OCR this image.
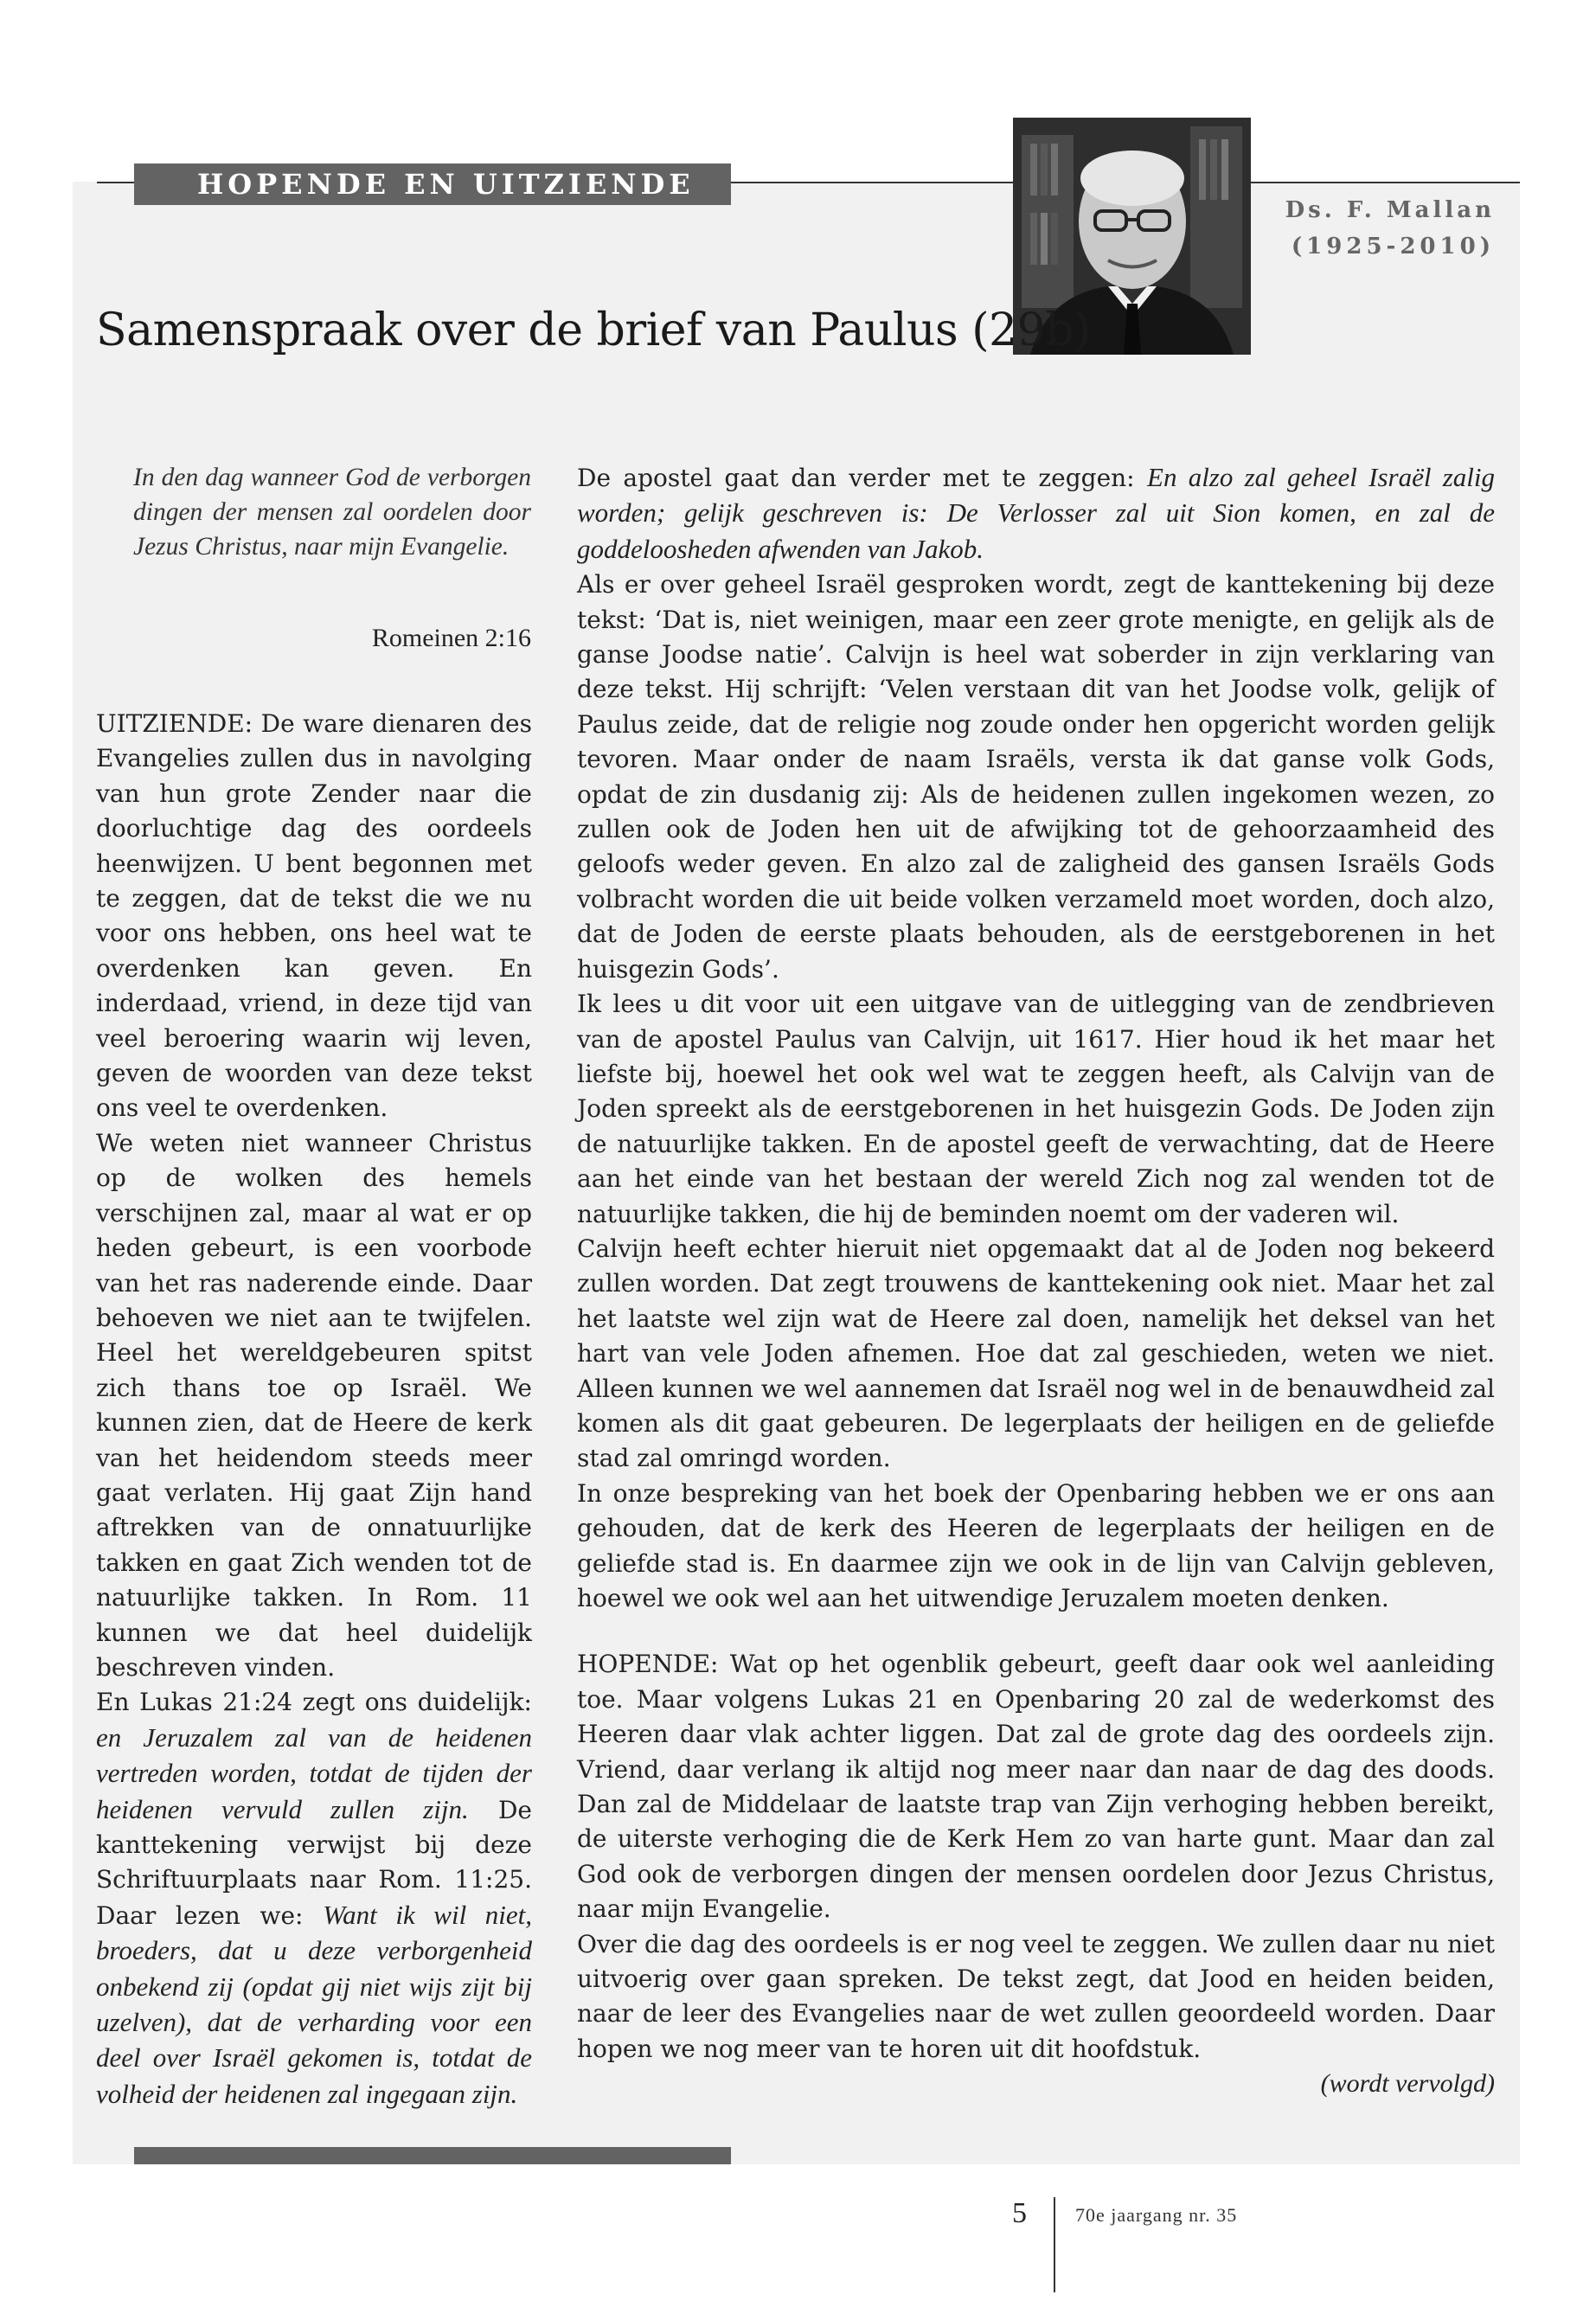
HOPENDE EN UITZIENDE
Ds. F. Mallan
(1925-2010)
Samenspraak over de brief van Paulus (29b)
In den dag wanneer God de verborgen dingen der mensen zal oordelen door Jezus Christus, naar mijn Evangelie.
Romeinen 2:16

UITZIENDE: De ware dienaren des Evangelies zullen dus in navolging van hun grote Zender naar die doorluchtige dag des oordeels heenwijzen. U bent begonnen met te zeggen, dat de tekst die we nu voor ons hebben, ons heel wat te overdenken kan geven. En inderdaad, vriend, in deze tijd van veel beroering waarin wij leven, geven de woorden van deze tekst ons veel te overdenken.

We weten niet wanneer Christus op de wolken des hemels verschijnen zal, maar al wat er op heden gebeurt, is een voorbode van het ras naderende einde. Daar behoeven we niet aan te twijfelen. Heel het wereldgebeuren spitst zich thans toe op Israël. We kunnen zien, dat de Heere de kerk van het heidendom steeds meer gaat verlaten. Hij gaat Zijn hand aftrekken van de onnatuurlijke takken en gaat Zich wenden tot de natuurlijke takken. In Rom. 11 kunnen we dat heel duidelijk beschreven vinden.

En Lukas 21:24 zegt ons duidelijk: en Jeruzalem zal van de heidenen vertreden worden, totdat de tijden der heidenen vervuld zullen zijn. De kanttekening verwijst bij deze Schriftuurplaats naar Rom. 11:25. Daar lezen we: Want ik wil niet, broeders, dat u deze verborgenheid onbekend zij (opdat gij niet wijs zijt bij uzelven), dat de verharding voor een deel over Israël gekomen is, totdat de volheid der heidenen zal ingegaan zijn.

De apostel gaat dan verder met te zeggen: En alzo zal geheel Israël zalig worden; gelijk geschreven is: De Verlosser zal uit Sion komen, en zal de goddeloosheden afwenden van Jakob.

Als er over geheel Israël gesproken wordt, zegt de kanttekening bij deze tekst: ‘Dat is, niet weinigen, maar een zeer grote menigte, en gelijk als de ganse Joodse natie’. Calvijn is heel wat soberder in zijn verklaring van deze tekst. Hij schrijft: ‘Velen verstaan dit van het Joodse volk, gelijk of Paulus zeide, dat de religie nog zoude onder hen opgericht worden gelijk tevoren. Maar onder de naam Israëls, versta ik dat ganse volk Gods, opdat de zin dusdanig zij: Als de heidenen zullen ingekomen wezen, zo zullen ook de Joden hen uit de afwijking tot de gehoorzaamheid des geloofs weder geven. En alzo zal de zaligheid des gansen Israëls Gods volbracht worden die uit beide volken verzameld moet worden, doch alzo, dat de Joden de eerste plaats behouden, als de eerstgeborenen in het huisgezin Gods’.

Ik lees u dit voor uit een uitgave van de uitlegging van de zendbrieven van de apostel Paulus van Calvijn, uit 1617. Hier houd ik het maar het liefste bij, hoewel het ook wel wat te zeggen heeft, als Calvijn van de Joden spreekt als de eerstgeborenen in het huisgezin Gods. De Joden zijn de natuurlijke takken. En de apostel geeft de verwachting, dat de Heere aan het einde van het bestaan der wereld Zich nog zal wenden tot de natuurlijke takken, die hij de beminden noemt om der vaderen wil.

Calvijn heeft echter hieruit niet opgemaakt dat al de Joden nog bekeerd zullen worden. Dat zegt trouwens de kanttekening ook niet. Maar het zal het laatste wel zijn wat de Heere zal doen, namelijk het deksel van het hart van vele Joden afnemen. Hoe dat zal geschieden, weten we niet. Alleen kunnen we wel aannemen dat Israël nog wel in de benauwdheid zal komen als dit gaat gebeuren. De legerplaats der heiligen en de geliefde stad zal omringd worden.

In onze bespreking van het boek der Openbaring hebben we er ons aan gehouden, dat de kerk des Heeren de legerplaats der heiligen en de geliefde stad is. En daarmee zijn we ook in de lijn van Calvijn gebleven, hoewel we ook wel aan het uitwendige Jeruzalem moeten denken.

HOPENDE: Wat op het ogenblik gebeurt, geeft daar ook wel aanleiding toe. Maar volgens Lukas 21 en Openbaring 20 zal de wederkomst des Heeren daar vlak achter liggen. Dat zal de grote dag des oordeels zijn. Vriend, daar verlang ik altijd nog meer naar dan naar de dag des doods. Dan zal de Middelaar de laatste trap van Zijn verhoging hebben bereikt, de uiterste verhoging die de Kerk Hem zo van harte gunt. Maar dan zal God ook de verborgen dingen der mensen oordelen door Jezus Christus, naar mijn Evangelie.

Over die dag des oordeels is er nog veel te zeggen. We zullen daar nu niet uitvoerig over gaan spreken. De tekst zegt, dat Jood en heiden beiden, naar de leer des Evangelies naar de wet zullen geoordeeld worden. Daar hopen we nog meer van te horen uit dit hoofdstuk.

(wordt vervolgd)

5	70e jaargang nr. 35
